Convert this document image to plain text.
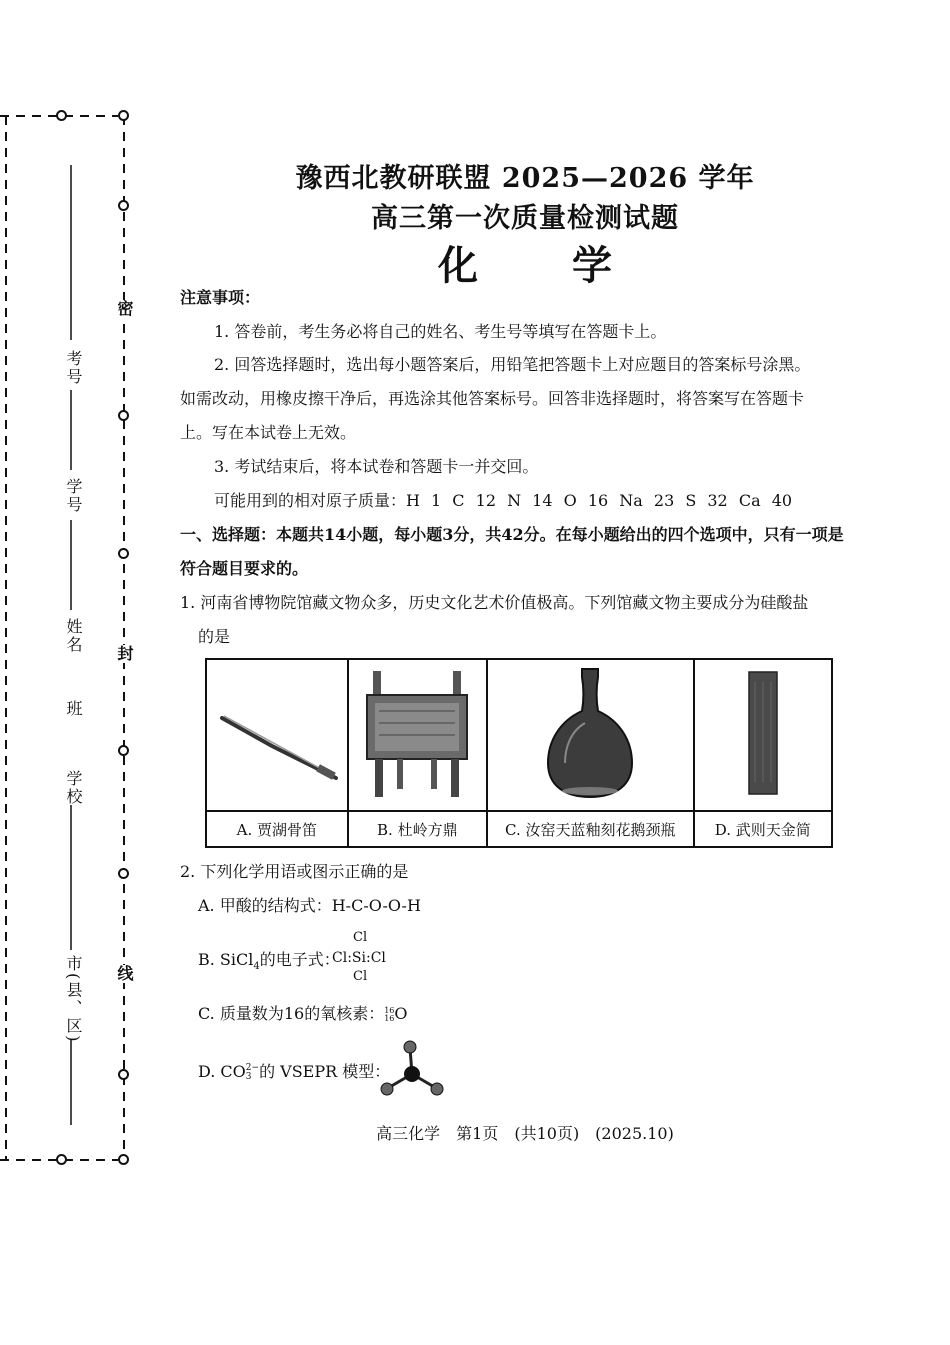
密
封
线
考号
学号
姓名
班
学校
市(县、区)
豫西北教研联盟 2025—2026 学年
高三第一次质量检测试题
化 学
注意事项：
1. 答卷前，考生务必将自己的姓名、考生号等填写在答题卡上。
2. 回答选择题时，选出每小题答案后，用铅笔把答题卡上对应题目的答案标号涂黑。
如需改动，用橡皮擦干净后，再选涂其他答案标号。回答非选择题时，将答案写在答题卡
上。写在本试卷上无效。
3. 考试结束后，将本试卷和答题卡一并交回。
可能用到的相对原子质量：H 1 C 12 N 14 O 16 Na 23 S 32 Ca 40
一、选择题：本题共14小题，每小题3分，共42分。在每小题给出的四个选项中，只有一项是
符合题目要求的。
1. 河南省博物院馆藏文物众多，历史文化艺术价值极高。下列馆藏文物主要成分为硅酸盐
的是

A. 贾湖骨笛	B. 杜岭方鼎	C. 汝窑天蓝釉刻花鹅颈瓶	D. 武则天金简
2. 下列化学用语或图示正确的是
A. 甲酸的结构式：H-C-O-O-H
B. SiCl$_4$的电子式：
Cl
Cl:Si:Cl
Cl
C. 质量数为16的氧核素： 16
16 O
D. CO 2−
3 的 VSEPR 模型：
高三化学　第1页　(共10页)　(2025.10)
